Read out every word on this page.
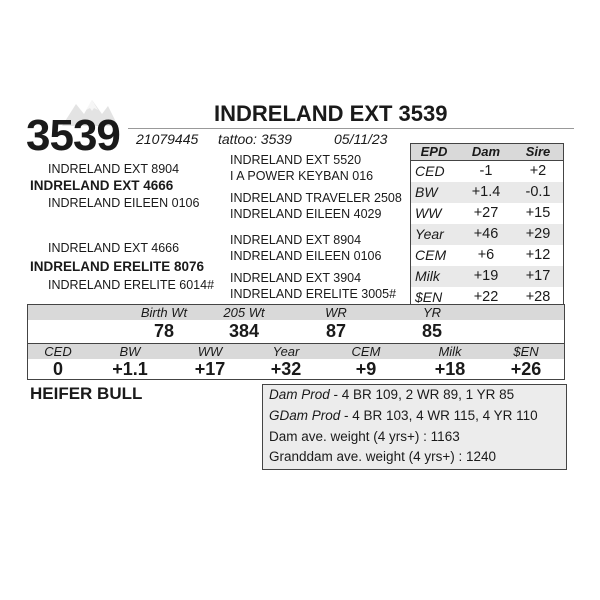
3539	INDRELAND EXT 3539
21079445 tattoo: 3539	05/11/23
INDRELAND EXT 8904
INDRELAND EXT 4666
INDRELAND EILEEN 0106
INDRELAND EXT 5520
I A POWER KEYBAN 016
INDRELAND TRAVELER 2508
INDRELAND EILEEN 4029
INDRELAND EXT 4666
INDRELAND ERELITE 8076
INDRELAND ERELITE 6014#
INDRELAND EXT 8904
INDRELAND EILEEN 0106
INDRELAND EXT 3904
INDRELAND ERELITE 3005#
EPD	Dam	Sire
CED	-1	+2
BW	+1.4	-0.1
WW	+27	+15
Year	+46	+29
CEM	+6	+12
Milk	+19	+17
$EN	+22	+28
Birth Wt	205 Wt	WR	YR
78	384	87	85
CED	BW	WW	Year	CEM	Milk	$EN
0	+1.1	+17	+32	+9	+18	+26
HEIFER BULL	Dam Prod - 4 BR 109, 2 WR 89, 1 YR 85
GDam Prod - 4 BR 103, 4 WR 115, 4 YR 110
Dam ave. weight (4 yrs+) : 1163
Granddam ave. weight (4 yrs+) : 1240
